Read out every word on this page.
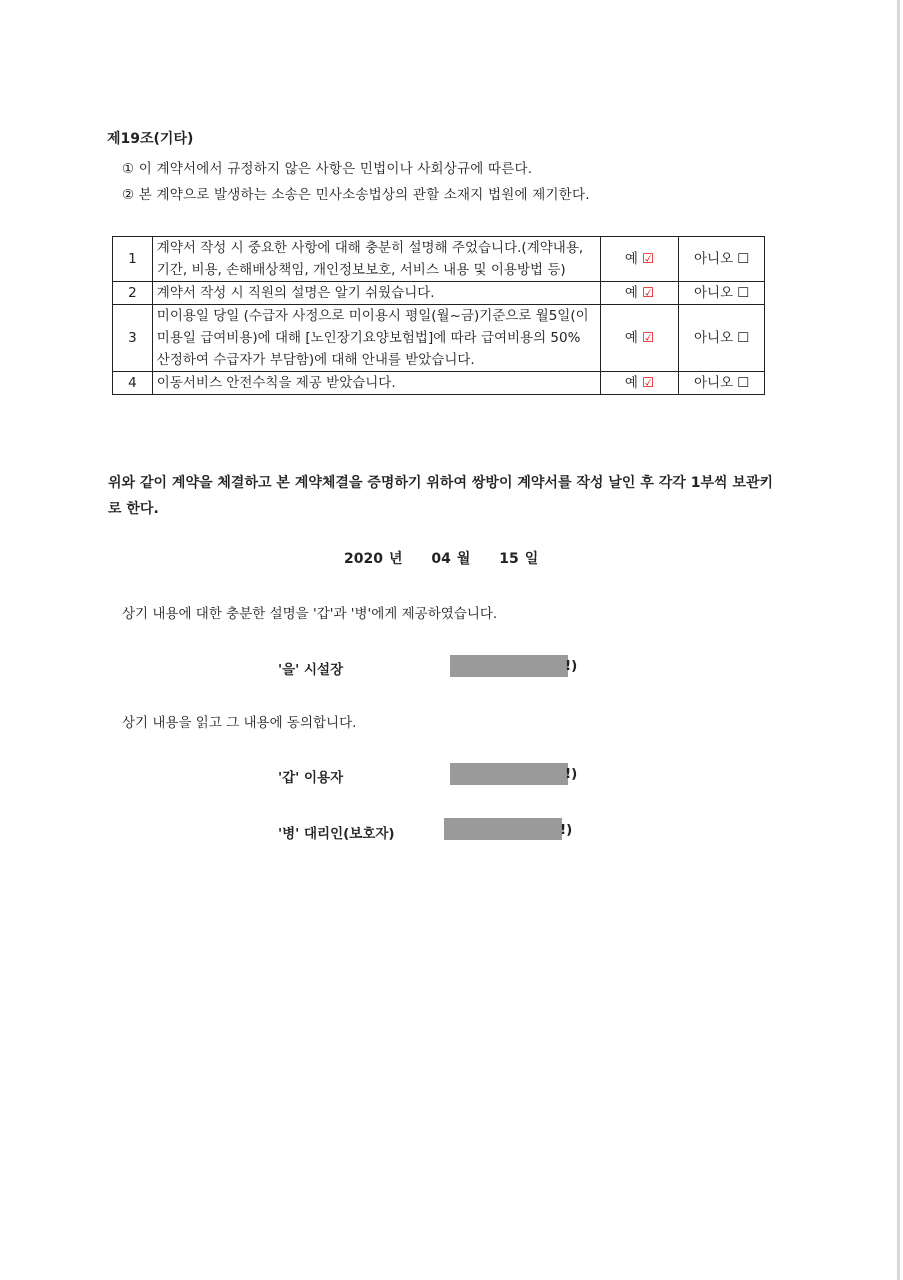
제19조(기타)
① 이 계약서에서 규정하지 않은 사항은 민법이나 사회상규에 따른다.
② 본 계약으로 발생하는 소송은 민사소송법상의 관할 소재지 법원에 제기한다.
1	계약서 작성 시 중요한 사항에 대해 충분히 설명해 주었습니다.(계약내용, 기간, 비용, 손해배상책임, 개인정보보호, 서비스 내용 및 이용방법 등)	예 ☑	아니오 ☐
2	계약서 작성 시 직원의 설명은 알기 쉬웠습니다.	예 ☑	아니오 ☐
3	미이용일 당일 (수급자 사정으로 미이용시 평일(월~금)기준으로 월5일(이미용일 급여비용)에 대해 [노인장기요양보험법]에 따라 급여비용의 50% 산정하여 수급자가 부담함)에 대해 안내를 받았습니다.	예 ☑	아니오 ☐
4	이동서비스 안전수칙을 제공 받았습니다.	예 ☑	아니오 ☐
위와 같이 계약을 체결하고 본 계약체결을 증명하기 위하여 쌍방이 계약서를 작성 날인 후 각각 1부씩 보관키로 한다.
2020 년 04 월 15 일
상기 내용에 대한 충분한 설명을 '갑'과 '병'에게 제공하였습니다.
'을' 시설장	!)
상기 내용을 읽고 그 내용에 동의합니다.
'갑' 이용자	!)
'병' 대리인(보호자)	!)
